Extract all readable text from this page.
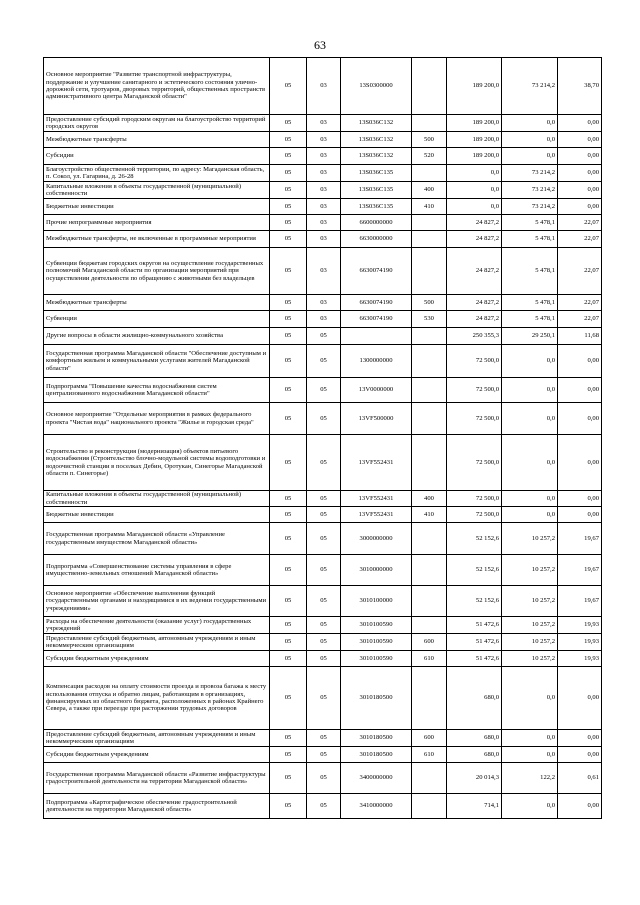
63
Основное мероприятие "Развитие транспортной инфраструктуры, поддержание и улучшение санитарного и эстетического состояния улично-дорожной сети, тротуаров, дворовых территорий, общественных пространств административного центра Магаданской области"	05	03	13S0300000		189 200,0	73 214,2	38,70
Предоставление субсидий городским округам на благоустройство территорий городских округов	05	03	13S036C132		189 200,0	0,0	0,00
Межбюджетные трансферты	05	03	13S036C132	500	189 200,0	0,0	0,00
Субсидии	05	03	13S036C132	520	189 200,0	0,0	0,00
Благоустройство общественной территории, по адресу: Магаданская область, п. Сокол, ул. Гагарина, д. 26-28	05	03	13S036C135		0,0	73 214,2	0,00
Капитальные вложения в объекты государственной (муниципальной) собственности	05	03	13S036C135	400	0,0	73 214,2	0,00
Бюджетные инвестиции	05	03	13S036C135	410	0,0	73 214,2	0,00
Прочие непрограммные мероприятия	05	03	6600000000		24 827,2	5 478,1	22,07
Межбюджетные трансферты, не включенные в программные мероприятия	05	03	6630000000		24 827,2	5 478,1	22,07
Субвенции бюджетам городских округов на осуществление государственных полномочий Магаданской области по организации мероприятий при осуществлении деятельности по обращению с животными без владельцев	05	03	6630074190		24 827,2	5 478,1	22,07
Межбюджетные трансферты	05	03	6630074190	500	24 827,2	5 478,1	22,07
Субвенции	05	03	6630074190	530	24 827,2	5 478,1	22,07
Другие вопросы в области жилищно-коммунального хозяйства	05	05			250 355,3	29 250,1	11,68
Государственная программа Магаданской области "Обеспечение доступным и комфортным жильем и коммунальными услугами жителей Магаданской области"	05	05	1300000000		72 500,0	0,0	0,00
Подпрограмма "Повышение качества водоснабжения систем централизованного водоснабжения Магаданской области"	05	05	13V0000000		72 500,0	0,0	0,00
Основное мероприятие "Отдельные мероприятия в рамках федерального проекта "Чистая вода" национального проекта "Жилье и городская среда"	05	05	13VF500000		72 500,0	0,0	0,00
Строительство и реконструкция (модернизация) объектов питьевого водоснабжения (Строительство блочно-модульной системы водоподготовки и водоочистной станции в поселках Дебин, Оротукан, Синегорье Магаданской области п. Синегорье)	05	05	13VF552431		72 500,0	0,0	0,00
Капитальные вложения в объекты государственной (муниципальной) собственности	05	05	13VF552431	400	72 500,0	0,0	0,00
Бюджетные инвестиции	05	05	13VF552431	410	72 500,0	0,0	0,00
Государственная программа Магаданской области «Управление государственным имуществом Магаданской области»	05	05	3000000000		52 152,6	10 257,2	19,67
Подпрограмма «Совершенствование системы управления в сфере имущественно-земельных отношений Магаданской области»	05	05	3010000000		52 152,6	10 257,2	19,67
Основное мероприятие «Обеспечение выполнения функций государственными органами и находящимися в их ведении государственными учреждениями»	05	05	3010100000		52 152,6	10 257,2	19,67
Расходы на обеспечение деятельности (оказание услуг) государственных учреждений	05	05	3010100590		51 472,6	10 257,2	19,93
Предоставление субсидий бюджетным, автономным учреждениям и иным некоммерческим организациям	05	05	3010100590	600	51 472,6	10 257,2	19,93
Субсидии бюджетным учреждениям	05	05	3010100590	610	51 472,6	10 257,2	19,93
Компенсация расходов на оплату стоимости проезда и провоза багажа к месту использования отпуска и обратно лицам, работающим в организациях, финансируемых из областного бюджета, расположенных в районах Крайнего Севера, а также при переезде при расторжении трудовых договоров	05	05	3010180500		680,0	0,0	0,00
Предоставление субсидий бюджетным, автономным учреждениям и иным некоммерческим организациям	05	05	3010180500	600	680,0	0,0	0,00
Субсидии бюджетным учреждениям	05	05	3010180500	610	680,0	0,0	0,00
Государственная программа Магаданской области «Развитие инфраструктуры градостроительной деятельности на территории Магаданской области»	05	05	3400000000		20 014,3	122,2	0,61
Подпрограмма «Картографическое обеспечение градостроительной деятельности на территории Магаданской области»	05	05	3410000000		714,1	0,0	0,00
